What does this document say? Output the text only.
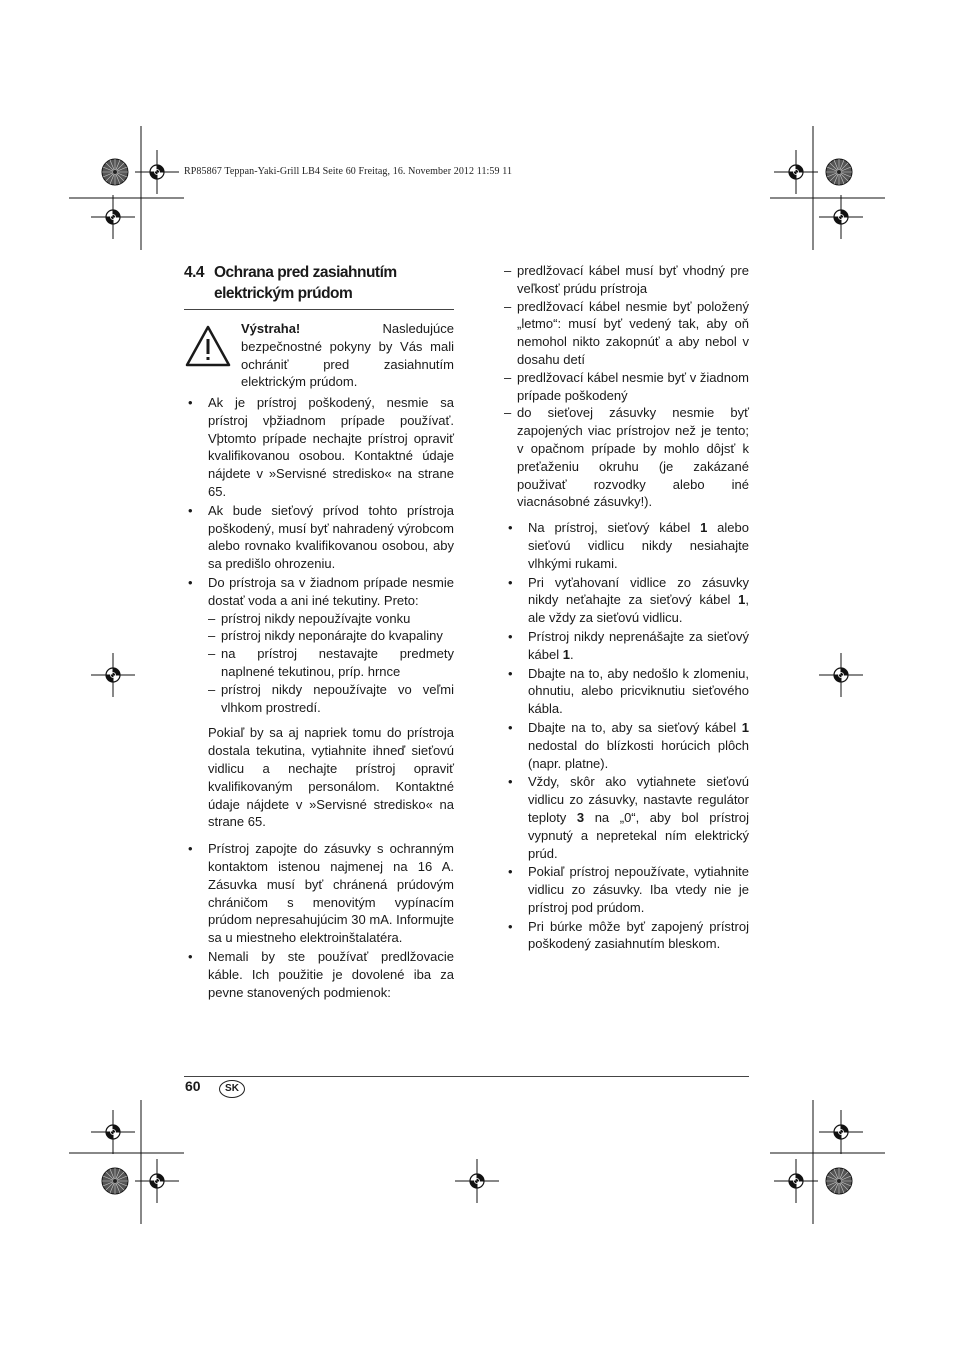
RP85867 Teppan-Yaki-Grill LB4 Seite 60 Freitag, 16. November 2012 11:59 11
4.4 Ochrana pred zasiahnutím
elektrickým prúdom
Výstraha!	Nasledujúce bezpečnostné pokyny by Vás mali ochrániť pred zasiahnutím elektrickým prúdom.
• Ak je prístroj poškodený, nesmie sa prístroj vþžiadnom prípade používať. Vþtomto prípade nechajte prístroj opraviť kvalifikovanou osobou. Kontaktné údaje nájdete v »Servisné stredisko« na strane 65.
• Ak bude sieťový prívod tohto prístroja poškodený, musí byť nahradený výrobcom alebo rovnako kvalifikovanou osobou, aby sa predišlo ohrozeniu.
• Do prístroja sa v žiadnom prípade nesmie dostať voda a ani iné tekutiny. Preto:
– prístroj nikdy nepoužívajte vonku
– prístroj nikdy neponárajte do kvapaliny
– na prístroj nestavajte predmety naplnené tekutinou, príp. hrnce
– prístroj nikdy nepoužívajte vo veľmi vlhkom prostredí.
Pokiaľ by sa aj napriek tomu do prístroja dostala tekutina, vytiahnite ihneď sieťovú vidlicu a nechajte prístroj opraviť kvalifikovaným personálom. Kontaktné údaje nájdete v »Servisné stredisko« na strane 65.
• Prístroj zapojte do zásuvky s ochranným kontaktom istenou najmenej na 16 A. Zásuvka musí byť chránená prúdovým chráničom s menovitým vypínacím prúdom nepresahujúcim 30 mA. Informujte sa u miestneho elektroinštalatéra.
• Nemali by ste používať predlžovacie káble. Ich použitie je dovolené iba za pevne stanovených podmienok:
– predlžovací kábel musí byť vhodný pre veľkosť prúdu prístroja
– predlžovací kábel nesmie byť položený „letmo“: musí byť vedený tak, aby oň nemohol nikto zakopnúť a aby nebol v dosahu detí
– predlžovací kábel nesmie byť v žiadnom prípade poškodený
– do sieťovej zásuvky nesmie byť zapojených viac prístrojov než je tento; v opačnom prípade by mohlo dôjsť k preťaženiu okruhu (je zakázané použivať rozvodky alebo iné viacnásobné zásuvky!).
• Na prístroj, sieťový kábel 1 alebo sieťovú vidlicu nikdy nesiahajte vlhkými rukami.
• Pri vyťahovaní vidlice zo zásuvky nikdy neťahajte za sieťový kábel 1, ale vždy za sieťovú vidlicu.
• Prístroj nikdy neprenášajte za sieťový kábel 1.
• Dbajte na to, aby nedošlo k zlomeniu, ohnutiu, alebo pricviknutiu sieťového kábla.
• Dbajte na to, aby sa sieťový kábel 1 nedostal do blízkosti horúcich plôch (napr. platne).
• Vždy, skôr ako vytiahnete sieťovú vidlicu zo zásuvky, nastavte regulátor teploty 3 na „0“, aby bol prístroj vypnutý a nepretekal ním elektrický prúd.
• Pokiaľ prístroj nepoužívate, vytiahnite vidlicu zo zásuvky. Iba vtedy nie je prístroj pod prúdom.
• Pri búrke môže byť zapojený prístroj poškodený zasiahnutím bleskom.
60	SK
